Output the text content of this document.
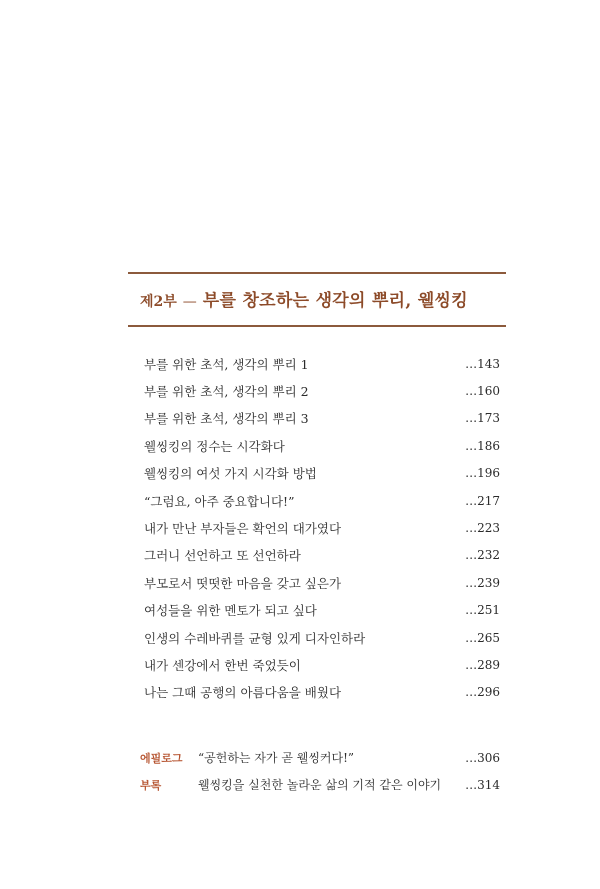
제2부 — 부를 창조하는 생각의 뿌리, 웰씽킹
부를 위한 초석, 생각의 뿌리 1	…143
부를 위한 초석, 생각의 뿌리 2	…160
부를 위한 초석, 생각의 뿌리 3	…173
웰씽킹의 정수는 시각화다	…186
웰씽킹의 여섯 가지 시각화 방법	…196
“그럼요, 아주 중요합니다!”	…217
내가 만난 부자들은 확언의 대가였다	…223
그러니 선언하고 또 선언하라	…232
부모로서 떳떳한 마음을 갖고 싶은가	…239
여성들을 위한 멘토가 되고 싶다	…251
인생의 수레바퀴를 균형 있게 디자인하라	…265
내가 센강에서 한번 죽었듯이	…289
나는 그때 공행의 아름다움을 배웠다	…296
에필로그	“공헌하는 자가 곧 웰씽커다!”	…306
부록	웰씽킹을 실천한 놀라운 삶의 기적 같은 이야기	…314
